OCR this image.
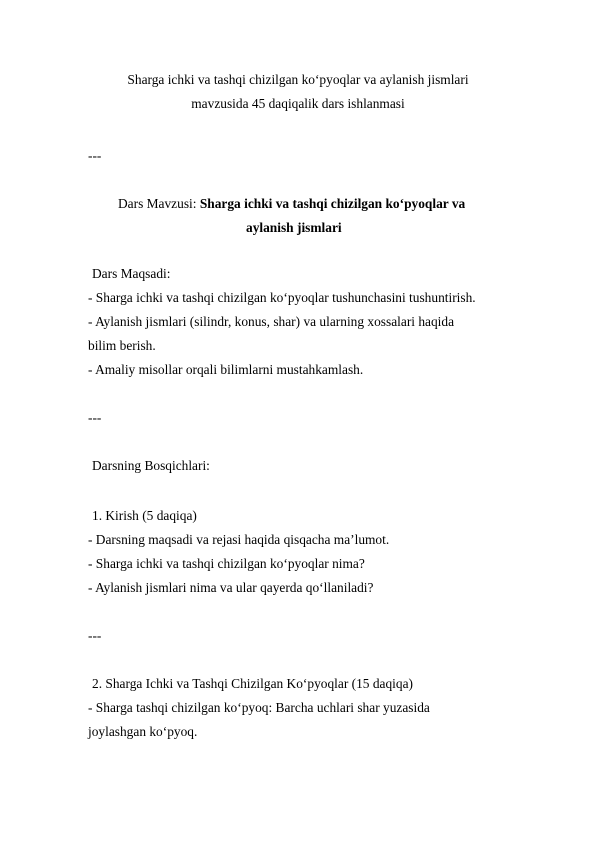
Sharga ichki va tashqi chizilgan ko‘pyoqlar va aylanish jismlari
mavzusida 45 daqiqalik dars ishlanmasi
---
Dars Mavzusi: Sharga ichki va tashqi chizilgan ko‘pyoqlar va
aylanish jismlari
Dars Maqsadi:
- Sharga ichki va tashqi chizilgan ko‘pyoqlar tushunchasini tushuntirish.
- Aylanish jismlari (silindr, konus, shar) va ularning xossalari haqida
bilim berish.
- Amaliy misollar orqali bilimlarni mustahkamlash.
---
Darsning Bosqichlari:
1. Kirish (5 daqiqa)
- Darsning maqsadi va rejasi haqida qisqacha ma’lumot.
- Sharga ichki va tashqi chizilgan ko‘pyoqlar nima?
- Aylanish jismlari nima va ular qayerda qo‘llaniladi?
---
2. Sharga Ichki va Tashqi Chizilgan Ko‘pyoqlar (15 daqiqa)
- Sharga tashqi chizilgan ko‘pyoq: Barcha uchlari shar yuzasida
joylashgan ko‘pyoq.
